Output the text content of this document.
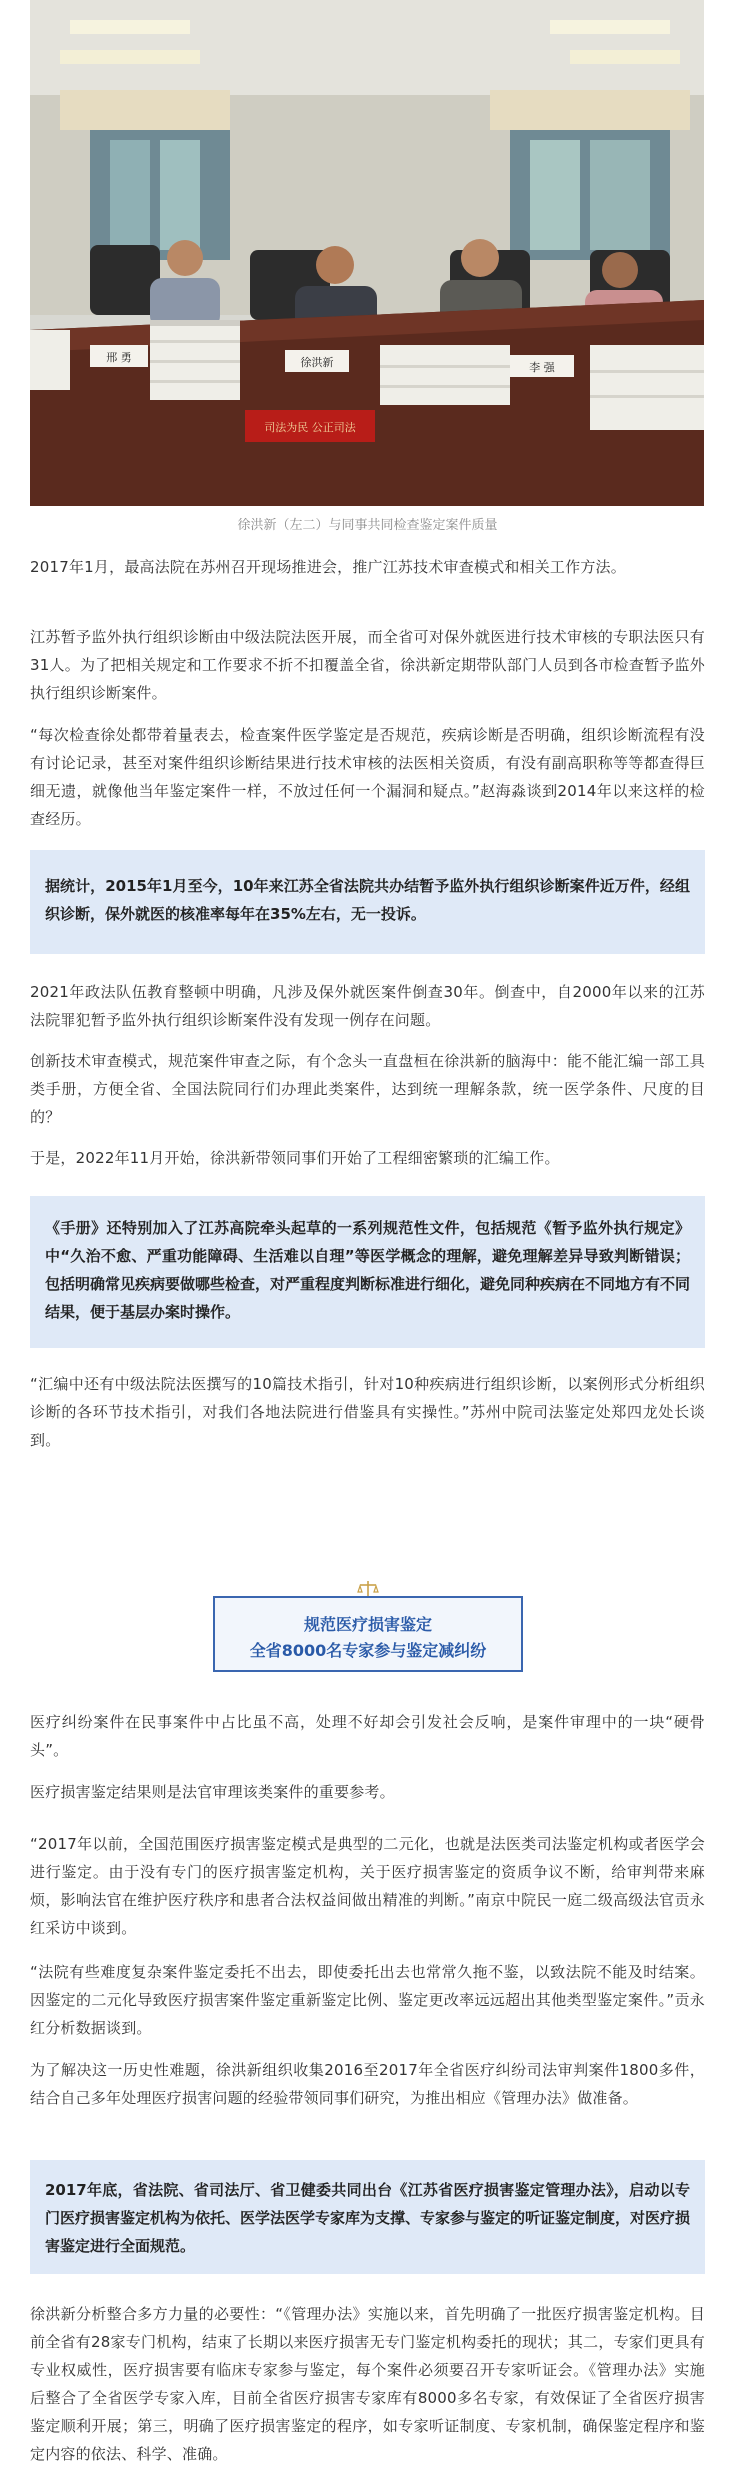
邢 勇	徐洪新	李 强
司法为民 公正司法
徐洪新（左二）与同事共同检查鉴定案件质量

2017年1月，最高法院在苏州召开现场推进会，推广江苏技术审查模式和相关工作方法。

江苏暂予监外执行组织诊断由中级法院法医开展，而全省可对保外就医进行技术审核的专职法医只有31人。为了把相关规定和工作要求不折不扣覆盖全省，徐洪新定期带队部门人员到各市检查暂予监外执行组织诊断案件。

“每次检查徐处都带着量表去，检查案件医学鉴定是否规范，疾病诊断是否明确，组织诊断流程有没有讨论记录，甚至对案件组织诊断结果进行技术审核的法医相关资质，有没有副高职称等等都查得巨细无遗，就像他当年鉴定案件一样，不放过任何一个漏洞和疑点。”赵海淼谈到2014年以来这样的检查经历。

据统计，2015年1月至今，10年来江苏全省法院共办结暂予监外执行组织诊断案件近万件，经组织诊断，保外就医的核准率每年在35%左右，无一投诉。

2021年政法队伍教育整顿中明确，凡涉及保外就医案件倒查30年。倒查中，自2000年以来的江苏法院罪犯暂予监外执行组织诊断案件没有发现一例存在问题。

创新技术审查模式，规范案件审查之际，有个念头一直盘桓在徐洪新的脑海中：能不能汇编一部工具类手册，方便全省、全国法院同行们办理此类案件，达到统一理解条款，统一医学条件、尺度的目的？

于是，2022年11月开始，徐洪新带领同事们开始了工程细密繁琐的汇编工作。

《手册》还特别加入了江苏高院牵头起草的一系列规范性文件，包括规范《暂予监外执行规定》中“久治不愈、严重功能障碍、生活难以自理”等医学概念的理解，避免理解差异导致判断错误；包括明确常见疾病要做哪些检查，对严重程度判断标准进行细化，避免同种疾病在不同地方有不同结果，便于基层办案时操作。

“汇编中还有中级法院法医撰写的10篇技术指引，针对10种疾病进行组织诊断，以案例形式分析组织诊断的各环节技术指引，对我们各地法院进行借鉴具有实操性。”苏州中院司法鉴定处郑四龙处长谈到。

规范医疗损害鉴定
全省8000名专家参与鉴定减纠纷

医疗纠纷案件在民事案件中占比虽不高，处理不好却会引发社会反响，是案件审理中的一块“硬骨头”。

医疗损害鉴定结果则是法官审理该类案件的重要参考。

“2017年以前，全国范围医疗损害鉴定模式是典型的二元化，也就是法医类司法鉴定机构或者医学会进行鉴定。由于没有专门的医疗损害鉴定机构，关于医疗损害鉴定的资质争议不断，给审判带来麻烦，影响法官在维护医疗秩序和患者合法权益间做出精准的判断。”南京中院民一庭二级高级法官贡永红采访中谈到。

“法院有些难度复杂案件鉴定委托不出去，即使委托出去也常常久拖不鉴，以致法院不能及时结案。因鉴定的二元化导致医疗损害案件鉴定重新鉴定比例、鉴定更改率远远超出其他类型鉴定案件。”贡永红分析数据谈到。

为了解决这一历史性难题，徐洪新组织收集2016至2017年全省医疗纠纷司法审判案件1800多件，结合自己多年处理医疗损害问题的经验带领同事们研究，为推出相应《管理办法》做准备。

2017年底，省法院、省司法厅、省卫健委共同出台《江苏省医疗损害鉴定管理办法》，启动以专门医疗损害鉴定机构为依托、医学法医学专家库为支撑、专家参与鉴定的听证鉴定制度，对医疗损害鉴定进行全面规范。

徐洪新分析整合多方力量的必要性：“《管理办法》实施以来，首先明确了一批医疗损害鉴定机构。目前全省有28家专门机构，结束了长期以来医疗损害无专门鉴定机构委托的现状；其二，专家们更具有专业权威性，医疗损害要有临床专家参与鉴定，每个案件必须要召开专家听证会。《管理办法》实施后整合了全省医学专家入库，目前全省医疗损害专家库有8000多名专家，有效保证了全省医疗损害鉴定顺利开展；第三，明确了医疗损害鉴定的程序，如专家听证制度、专家机制，确保鉴定程序和鉴定内容的依法、科学、准确。
